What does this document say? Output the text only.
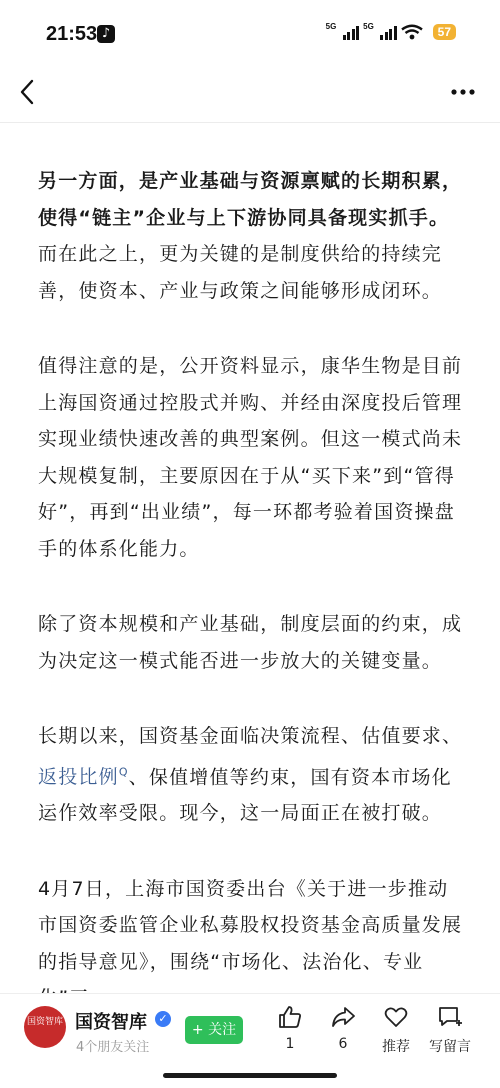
21:53 ♪	5G	5G	57

另一方面，是产业基础与资源禀赋的长期积累，使得“链主”企业与上下游协同具备现实抓手。而在此之上，更为关键的是制度供给的持续完善，使资本、产业与政策之间能够形成闭环。

值得注意的是，公开资料显示，康华生物是目前上海国资通过控股式并购、并经由深度投后管理实现业绩快速改善的典型案例。但这一模式尚未大规模复制，主要原因在于从“买下来”到“管得好”，再到“出业绩”，每一环都考验着国资操盘手的体系化能力。

除了资本规模和产业基础，制度层面的约束，成为决定这一模式能否进一步放大的关键变量。

长期以来，国资基金面临决策流程、估值要求、返投比例$^Q$、保值增值等约束，国有资本市场化运作效率受限。现今，这一局面正在被打破。

4月7日，上海市国资委出台《关于进一步推动市国资委监管企业私募股权投资基金高质量发展的指导意见》，围绕“市场化、法治化、专业

国资智库 国资智库	✓
4个朋友关注
+ 关注
1	6	推荐	写留言
